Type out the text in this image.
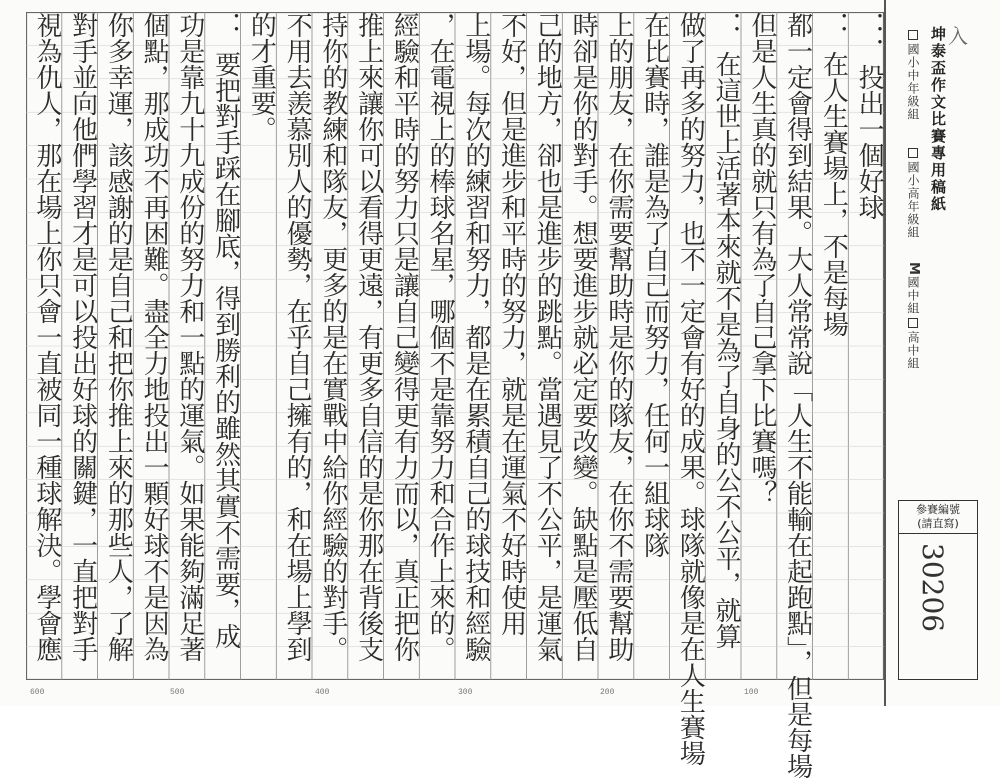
．．．投出一個好球
．．在人生賽場上，不是每場
都一定會得到結果。大人常常說「人生不能輸在起跑點」，但是每場
但是人生真的就只有為了自己拿下比賽嗎？
．．在這世上活著本來就不是為了自身的公不公平，就算
做了再多的努力，也不一定會有好的成果。球隊就像是在人生賽場
在比賽時，誰是為了自己而努力，任何一組球隊
上的朋友，在你需要幫助時是你的隊友，在你不需要幫助
時卻是你的對手。想要進步就必定要改變。缺點是壓低自
己的地方，卻也是進步的跳點。當遇見了不公平，是運氣
不好，但是進步和平時的努力，就是在運氣不好時使用
上場。每次的練習和努力，都是在累積自己的球技和經驗
，在電視上的棒球名星，哪個不是靠努力和合作上來的。
經驗和平時的努力只是讓自己變得更有力而以，真正把你
推上來讓你可以看得更遠，有更多自信的是你那在背後支
持你的教練和隊友，更多的是在實戰中給你經驗的對手。
不用去羨慕別人的優勢，在乎自己擁有的，和在場上學到
的才重要。
．．要把對手踩在腳底，得到勝利的雖然其實不需要，成
功是靠九十九成份的努力和一點的運氣。如果能夠滿足著
個點，那成功不再困難。盡全力地投出一顆好球不是因為
你多幸運，該感謝的是自己和把你推上來的那些人，了解
對手並向他們學習才是可以投出好球的關鍵，一直把對手
視為仇人，那在場上你只會一直被同一種球解決。學會應
600	500	400	300	200	100
坤泰盃作文比賽專用稿紙
國小中年級組
國小高年級組
M國中組
高中組
入
參賽編號
(請直寫)
30206
